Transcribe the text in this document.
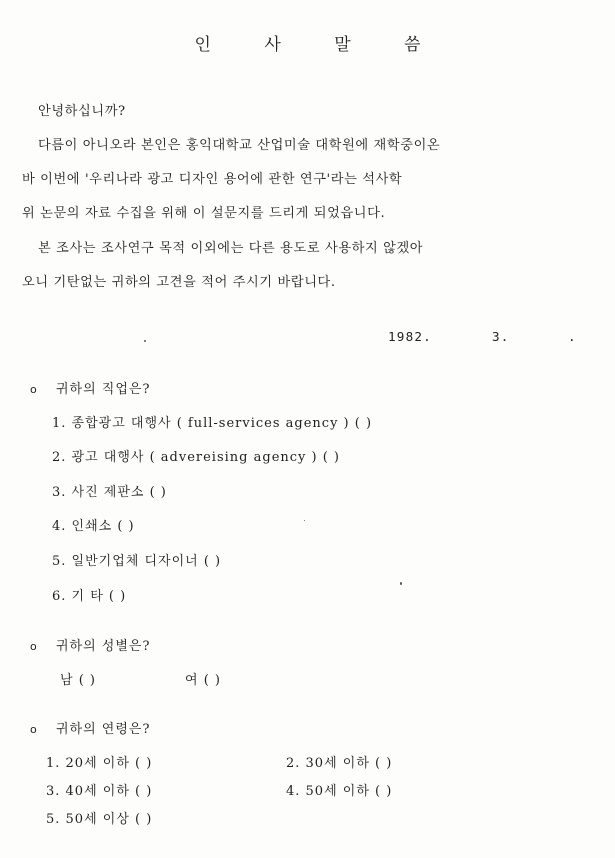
인 사 말 씀
안녕하십니까?
다름이 아니오라 본인은 홍익대학교 산업미술 대학원에 재학중이온
바 이번에 '우리나라 광고 디자인 용어에 관한 연구'라는 석사학
위 논문의 자료 수집을 위해 이 설문지를 드리게 되었읍니다.
본 조사는 조사연구 목적 이외에는 다른 용도로 사용하지 않겠아
오니 기탄없는 귀하의 고견을 적어 주시기 바랍니다.
1982.	3.	.
o 귀하의 직업은?
1. 종합광고 대행사 ( full-services agency ) ( )
2. 광고 대행사 ( advereising agency ) ( )
3. 사진 제판소 ( )
4. 인쇄소 ( )
5. 일반기업체 디자이너 ( )
6. 기 타 ( )
o 귀하의 성별은?
남 ( )	여 ( )
o 귀하의 연령은?
1. 20세 이하 ( )	2. 30세 이하 ( )
3. 40세 이하 ( )	4. 50세 이하 ( )
5. 50세 이상 ( )
